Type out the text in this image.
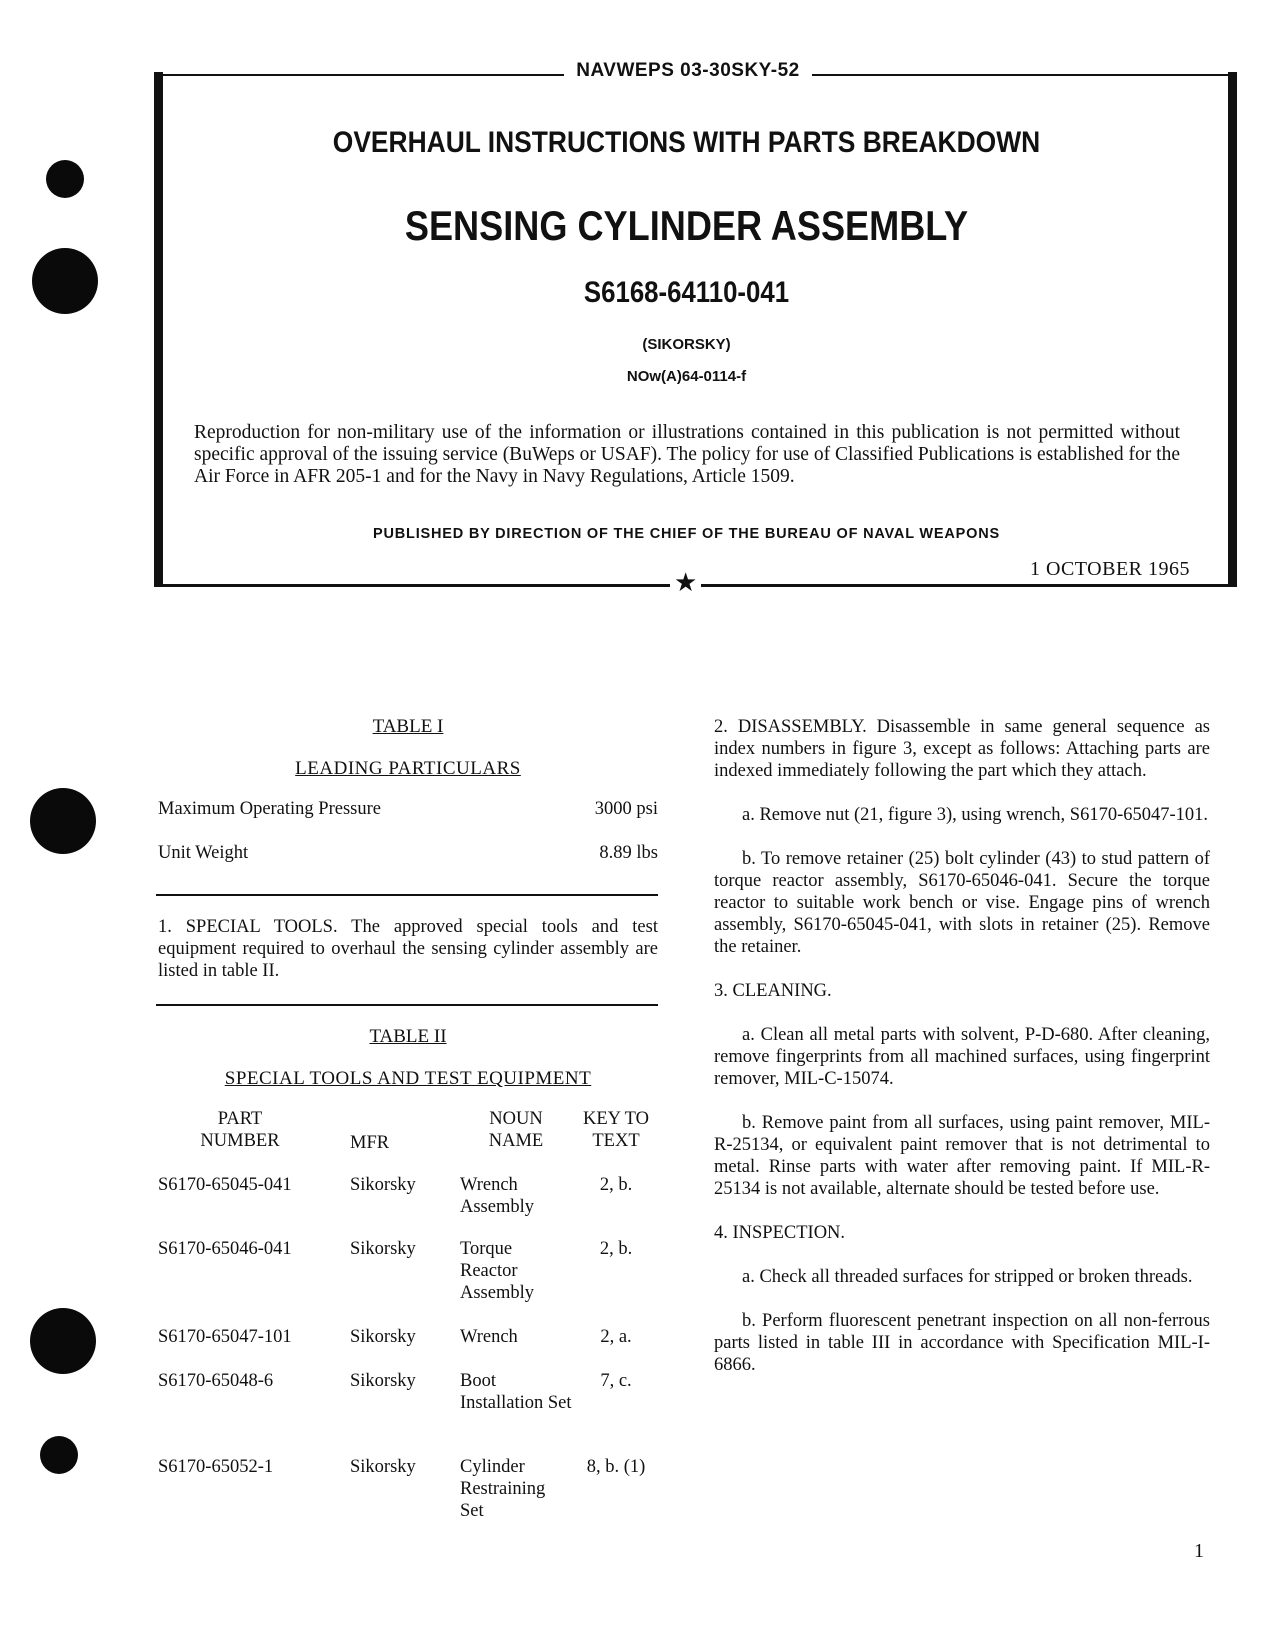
NAVWEPS 03-30SKY-52
OVERHAUL INSTRUCTIONS WITH PARTS BREAKDOWN
SENSING CYLINDER ASSEMBLY
S6168-64110-041
(SIKORSKY)
NOw(A)64-0114-f
Reproduction for non-military use of the information or illustrations contained in this publication is not permitted without specific approval of the issuing service (BuWeps or USAF). The policy for use of Classified Publications is established for the Air Force in AFR 205-1 and for the Navy in Navy Regulations, Article 1509.
PUBLISHED BY DIRECTION OF THE CHIEF OF THE BUREAU OF NAVAL WEAPONS
1 OCTOBER 1965
★
TABLE I
LEADING PARTICULARS
Maximum Operating Pressure	3000 psi
Unit Weight	8.89 lbs

1. SPECIAL TOOLS. The approved special tools and test equipment required to overhaul the sensing cylinder assembly are listed in table II.

TABLE II
SPECIAL TOOLS AND TEST EQUIPMENT
PART NUMBER	MFR	NOUN NAME	KEY TO TEXT

S6170-65045-041	Sikorsky	Wrench Assembly	2, b.
S6170-65046-041	Sikorsky	Torque Reactor Assembly	2, b.
S6170-65047-101	Sikorsky	Wrench	2, a.
S6170-65048-6	Sikorsky	Boot Installation Set	7, c.
S6170-65052-1	Sikorsky	Cylinder Restraining Set	8, b. (1)

2. DISASSEMBLY. Disassemble in same general sequence as index numbers in figure 3, except as follows: Attaching parts are indexed immediately following the part which they attach.

a. Remove nut (21, figure 3), using wrench, S6170-65047-101.

b. To remove retainer (25) bolt cylinder (43) to stud pattern of torque reactor assembly, S6170-65046-041. Secure the torque reactor to suitable work bench or vise. Engage pins of wrench assembly, S6170-65045-041, with slots in retainer (25). Remove the retainer.

3. CLEANING.

a. Clean all metal parts with solvent, P-D-680. After cleaning, remove fingerprints from all machined surfaces, using fingerprint remover, MIL-C-15074.

b. Remove paint from all surfaces, using paint remover, MIL-R-25134, or equivalent paint remover that is not detrimental to metal. Rinse parts with water after removing paint. If MIL-R-25134 is not available, alternate should be tested before use.

4. INSPECTION.

a. Check all threaded surfaces for stripped or broken threads.

b. Perform fluorescent penetrant inspection on all non-ferrous parts listed in table III in accordance with Specification MIL-I-6866.

1
